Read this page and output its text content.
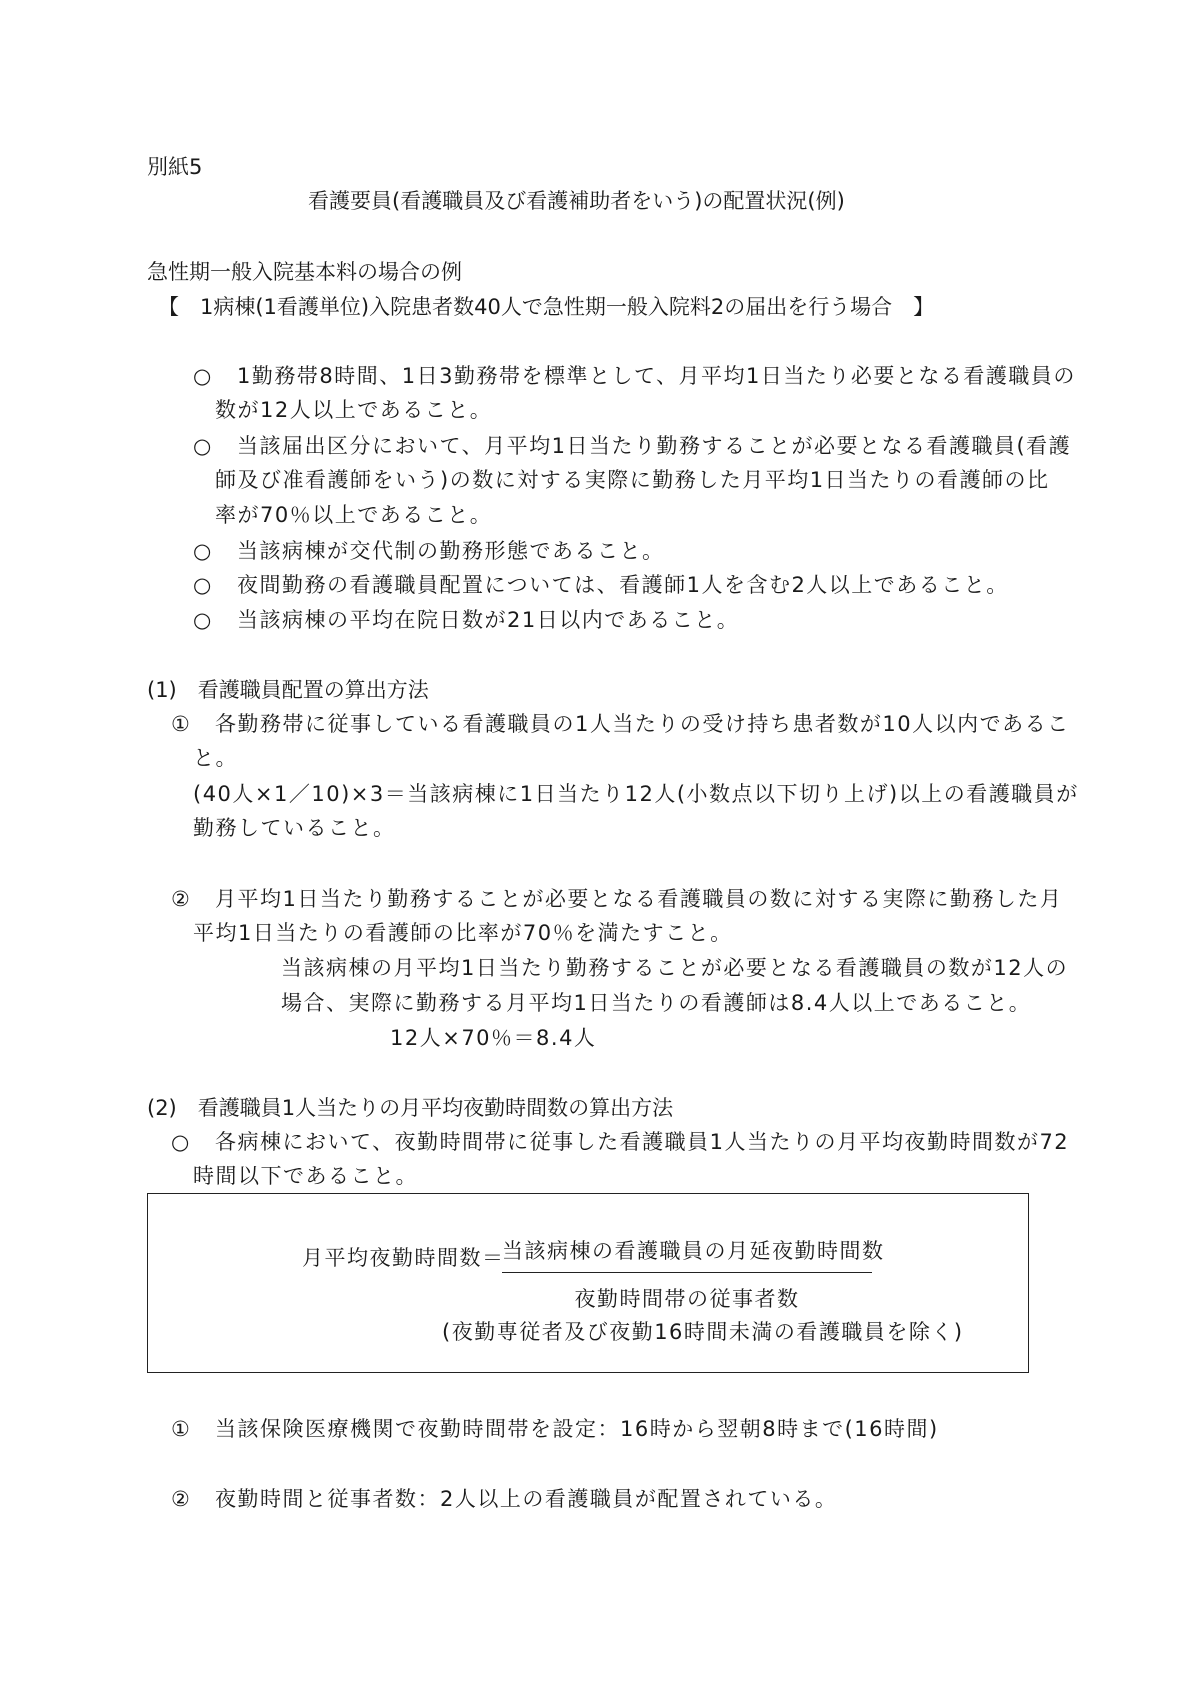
別紙5
看護要員(看護職員及び看護補助者をいう)の配置状況(例)
急性期一般入院基本料の場合の例
【　1病棟(1看護単位)入院患者数40人で急性期一般入院料2の届出を行う場合　】
○ 1勤務帯8時間、1日3勤務帯を標準として、月平均1日当たり必要となる看護職員の
数が12人以上であること。
○ 当該届出区分において、月平均1日当たり勤務することが必要となる看護職員(看護
師及び准看護師をいう)の数に対する実際に勤務した月平均1日当たりの看護師の比
率が70％以上であること。
○ 当該病棟が交代制の勤務形態であること。
○ 夜間勤務の看護職員配置については、看護師1人を含む2人以上であること。
○ 当該病棟の平均在院日数が21日以内であること。
(1)　看護職員配置の算出方法
① 各勤務帯に従事している看護職員の1人当たりの受け持ち患者数が10人以内であるこ
と。
(40人×1／10)×3＝当該病棟に1日当たり12人(小数点以下切り上げ)以上の看護職員が
勤務していること。
② 月平均1日当たり勤務することが必要となる看護職員の数に対する実際に勤務した月
平均1日当たりの看護師の比率が70％を満たすこと。
当該病棟の月平均1日当たり勤務することが必要となる看護職員の数が12人の
場合、実際に勤務する月平均1日当たりの看護師は8.4人以上であること。
12人×70％＝8.4人
(2)　看護職員1人当たりの月平均夜勤時間数の算出方法
○ 各病棟において、夜勤時間帯に従事した看護職員1人当たりの月平均夜勤時間数が72
時間以下であること。
月平均夜勤時間数＝
当該病棟の看護職員の月延夜勤時間数
夜勤時間帯の従事者数
(夜勤専従者及び夜勤16時間未満の看護職員を除く)
① 当該保険医療機関で夜勤時間帯を設定：16時から翌朝8時まで(16時間)
② 夜勤時間と従事者数：2人以上の看護職員が配置されている。
